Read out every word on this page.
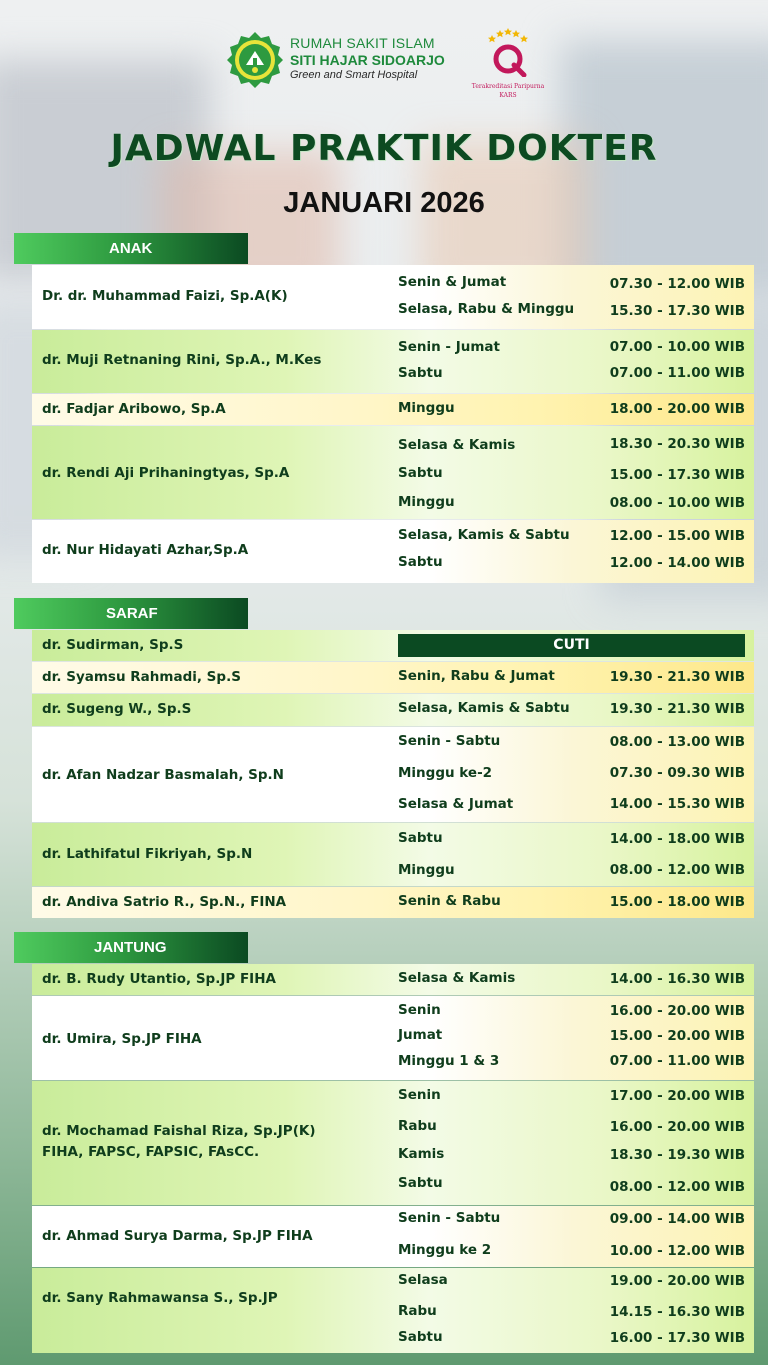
RUMAH SAKIT ISLAM
SITI HAJAR SIDOARJO
Green and Smart Hospital
Terakreditasi Paripurna
KARS
JADWAL PRAKTIK DOKTER
JANUARI 2026
ANAK
Dr. dr. Muhammad Faizi, Sp.A(K)
Senin & Jumat	07.30 - 12.00 WIB
Selasa, Rabu & Minggu	15.30 - 17.30 WIB
dr. Muji Retnaning Rini, Sp.A., M.Kes
Senin - Jumat	07.00 - 10.00 WIB
Sabtu	07.00 - 11.00 WIB
dr. Fadjar Aribowo, Sp.A	Minggu	18.00 - 20.00 WIB
dr. Rendi Aji Prihaningtyas, Sp.A
Selasa & Kamis	18.30 - 20.30 WIB
Sabtu	15.00 - 17.30 WIB
Minggu	08.00 - 10.00 WIB
dr. Nur Hidayati Azhar,Sp.A
Selasa, Kamis & Sabtu	12.00 - 15.00 WIB
Sabtu	12.00 - 14.00 WIB
SARAF
dr. Sudirman, Sp.S	CUTI
dr. Syamsu Rahmadi, Sp.S	Senin, Rabu & Jumat	19.30 - 21.30 WIB
dr. Sugeng W., Sp.S	Selasa, Kamis & Sabtu	19.30 - 21.30 WIB
dr. Afan Nadzar Basmalah, Sp.N
Senin - Sabtu	08.00 - 13.00 WIB
Minggu ke-2	07.30 - 09.30 WIB
Selasa & Jumat	14.00 - 15.30 WIB
dr. Lathifatul Fikriyah, Sp.N
Sabtu	14.00 - 18.00 WIB
Minggu	08.00 - 12.00 WIB
dr. Andiva Satrio R., Sp.N., FINA	Senin & Rabu	15.00 - 18.00 WIB
JANTUNG
dr. B. Rudy Utantio, Sp.JP FIHA	Selasa & Kamis	14.00 - 16.30 WIB
dr. Umira, Sp.JP FIHA
Senin	16.00 - 20.00 WIB
Jumat	15.00 - 20.00 WIB
Minggu 1 & 3	07.00 - 11.00 WIB
dr. Mochamad Faishal Riza, Sp.JP(K)
FIHA, FAPSC, FAPSIC, FAsCC.
Senin	17.00 - 20.00 WIB
Rabu	16.00 - 20.00 WIB
Kamis	18.30 - 19.30 WIB
Sabtu	08.00 - 12.00 WIB
dr. Ahmad Surya Darma, Sp.JP FIHA
Senin - Sabtu	09.00 - 14.00 WIB
Minggu ke 2	10.00 - 12.00 WIB
dr. Sany Rahmawansa S., Sp.JP
Selasa	19.00 - 20.00 WIB
Rabu	14.15 - 16.30 WIB
Sabtu	16.00 - 17.30 WIB
